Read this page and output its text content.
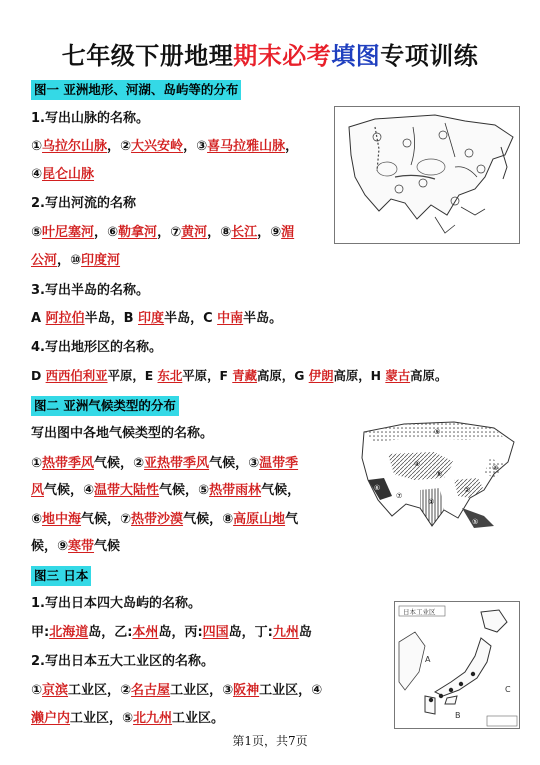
七年级下册地理期末必考填图专项训练
图一 亚洲地形、河湖、岛屿等的分布
1.写出山脉的名称。
①乌拉尔山脉，②大兴安岭，③喜马拉雅山脉，
④昆仑山脉
2.写出河流的名称
⑤叶尼塞河，⑥勒拿河，⑦黄河，⑧长江，⑨湄
公河，⑩印度河
3.写出半岛的名称。
A 阿拉伯半岛，B 印度半岛，C 中南半岛。
4.写出地形区的名称。
D 西西伯利亚平原，E 东北平原，F 青藏高原，G 伊朗高原，H 蒙古高原。
图二 亚洲气候类型的分布
写出图中各地气候类型的名称。
①热带季风气候，②亚热带季风气候，③温带季
风气候，④温带大陆性气候，⑤热带雨林气候，
⑥地中海气候，⑦热带沙漠气候，⑧高原山地气
候，⑨寒带气候
⑥
①
②
③
④
⑤
⑦
⑧
⑨
图三 日本
1.写出日本四大岛屿的名称。
甲:北海道岛，乙:本州岛，丙:四国岛，丁:九州岛
2.写出日本五大工业区的名称。
①京滨工业区，②名古屋工业区，③阪神工业区，④
濑户内工业区，⑤北九州工业区。
日本工业区
A
B
C
第1页，共7页
